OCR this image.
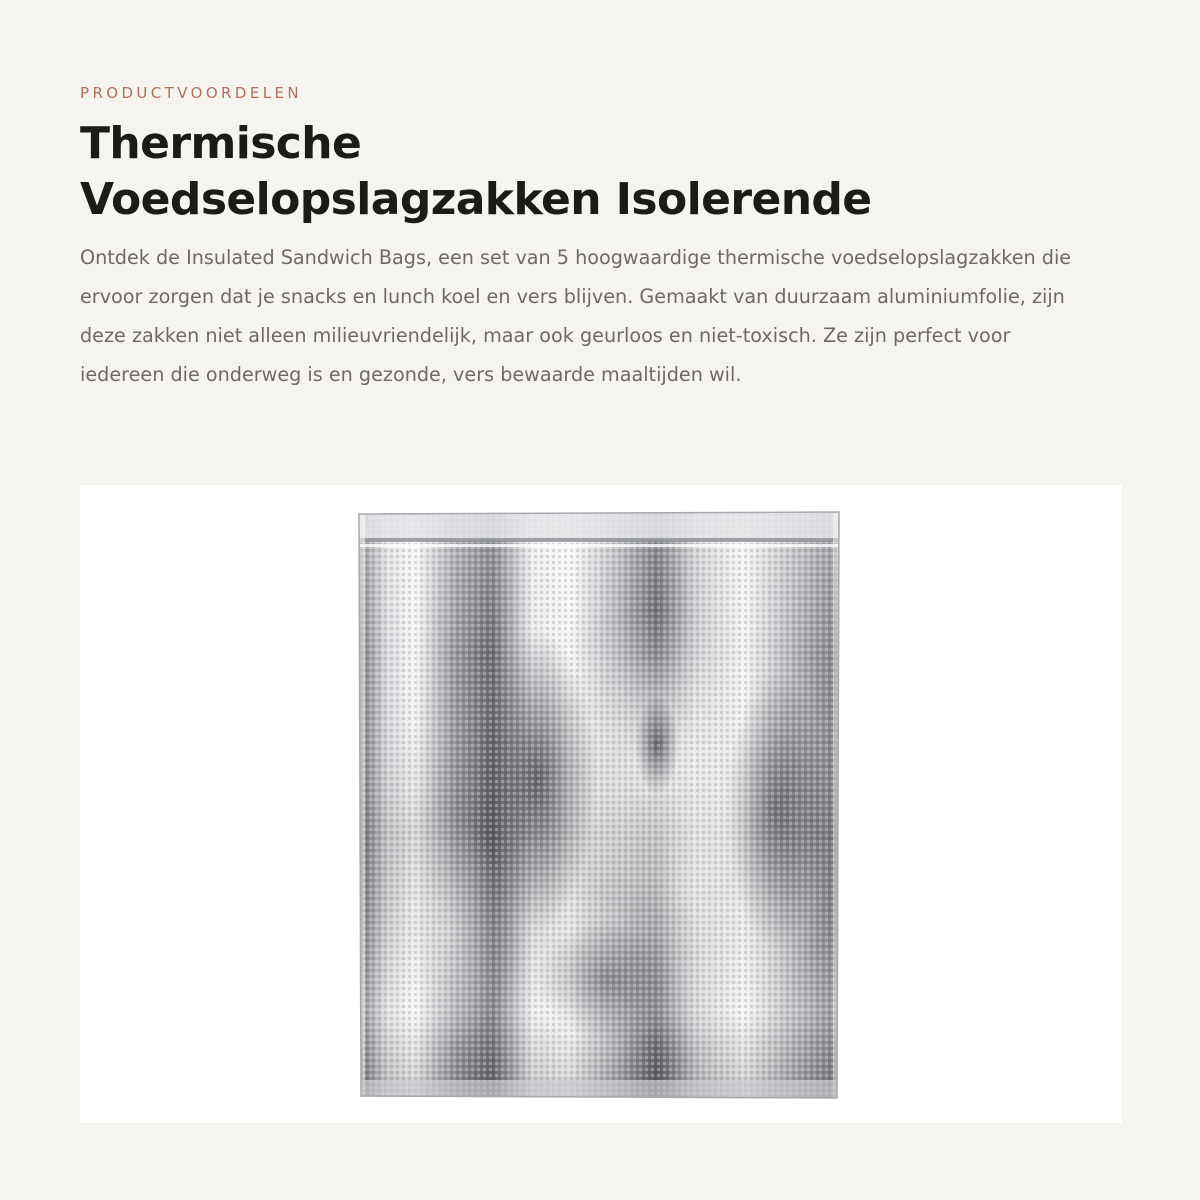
PRODUCTVOORDELEN

Thermische
Voedselopslagzakken Isolerende

Ontdek de Insulated Sandwich Bags, een set van 5 hoogwaardige thermische voedselopslagzakken die ervoor zorgen dat je snacks en lunch koel en vers blijven. Gemaakt van duurzaam aluminiumfolie, zijn deze zakken niet alleen milieuvriendelijk, maar ook geurloos en niet-toxisch. Ze zijn perfect voor iedereen die onderweg is en gezonde, vers bewaarde maaltijden wil.
